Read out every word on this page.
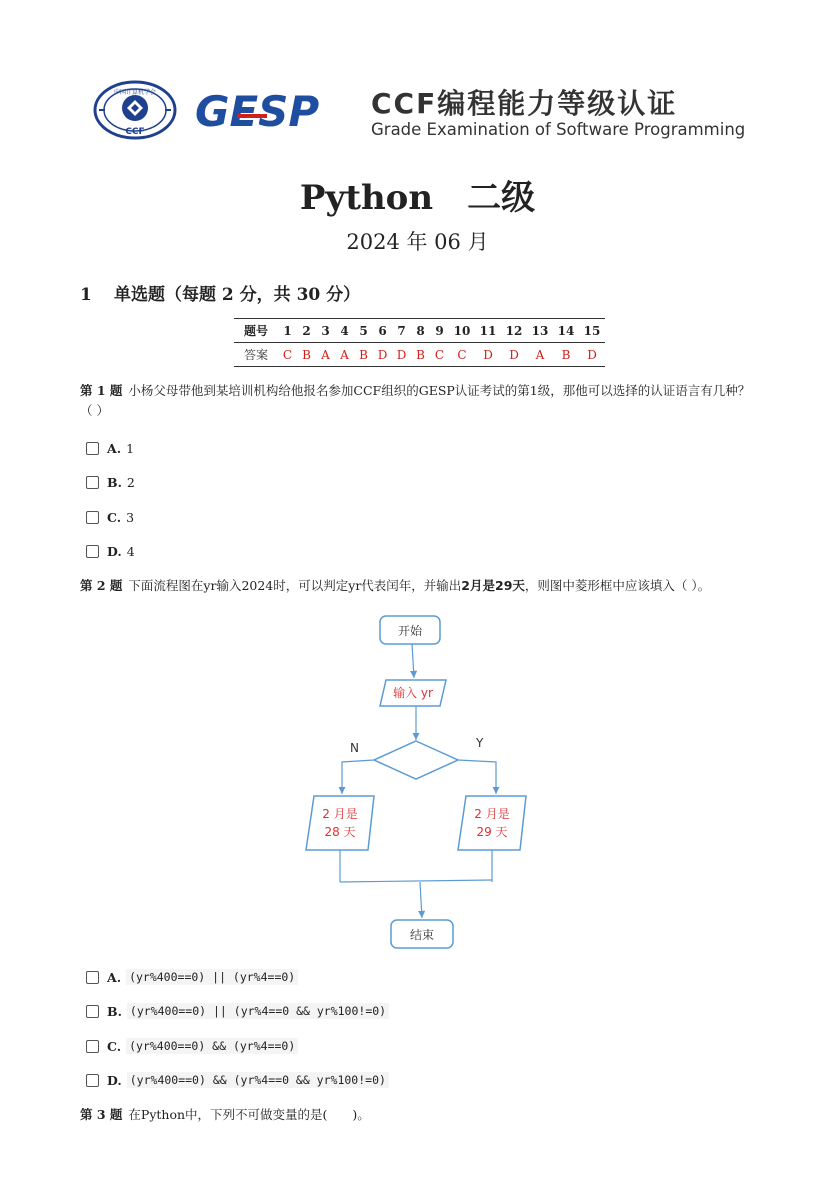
中国计算机学会
CCF GESP CCF编程能力等级认证
Grade Examination of Software Programming
Python　二级
2024 年 06 月
1 单选题（每题 2 分，共 30 分）
题号	1	2	3	4	5	6	7	8	9	10	11	12	13	14	15
答案	C	B	A	A	B	D	D	B	C	C	D	D	A	B	D
第 1 题 小杨父母带他到某培训机构给他报名参加CCF组织的GESP认证考试的第1级，那他可以选择的认证语言有几种？（ ）
A. 1
B. 2
C. 3
D. 4
第 2 题 下面流程图在yr输入2024时，可以判定yr代表闰年，并输出2月是29天，则图中菱形框中应该填入（ ）。
开始
输入 yr
N	Y
2 月是
28 天
2 月是
29 天
结束
A. (yr%400==0) || (yr%4==0)
B. (yr%400==0) || (yr%4==0 && yr%100!=0)
C. (yr%400==0) && (yr%4==0)
D. (yr%400==0) && (yr%4==0 && yr%100!=0)
第 3 题 在Python中，下列不可做变量的是(　　)。
